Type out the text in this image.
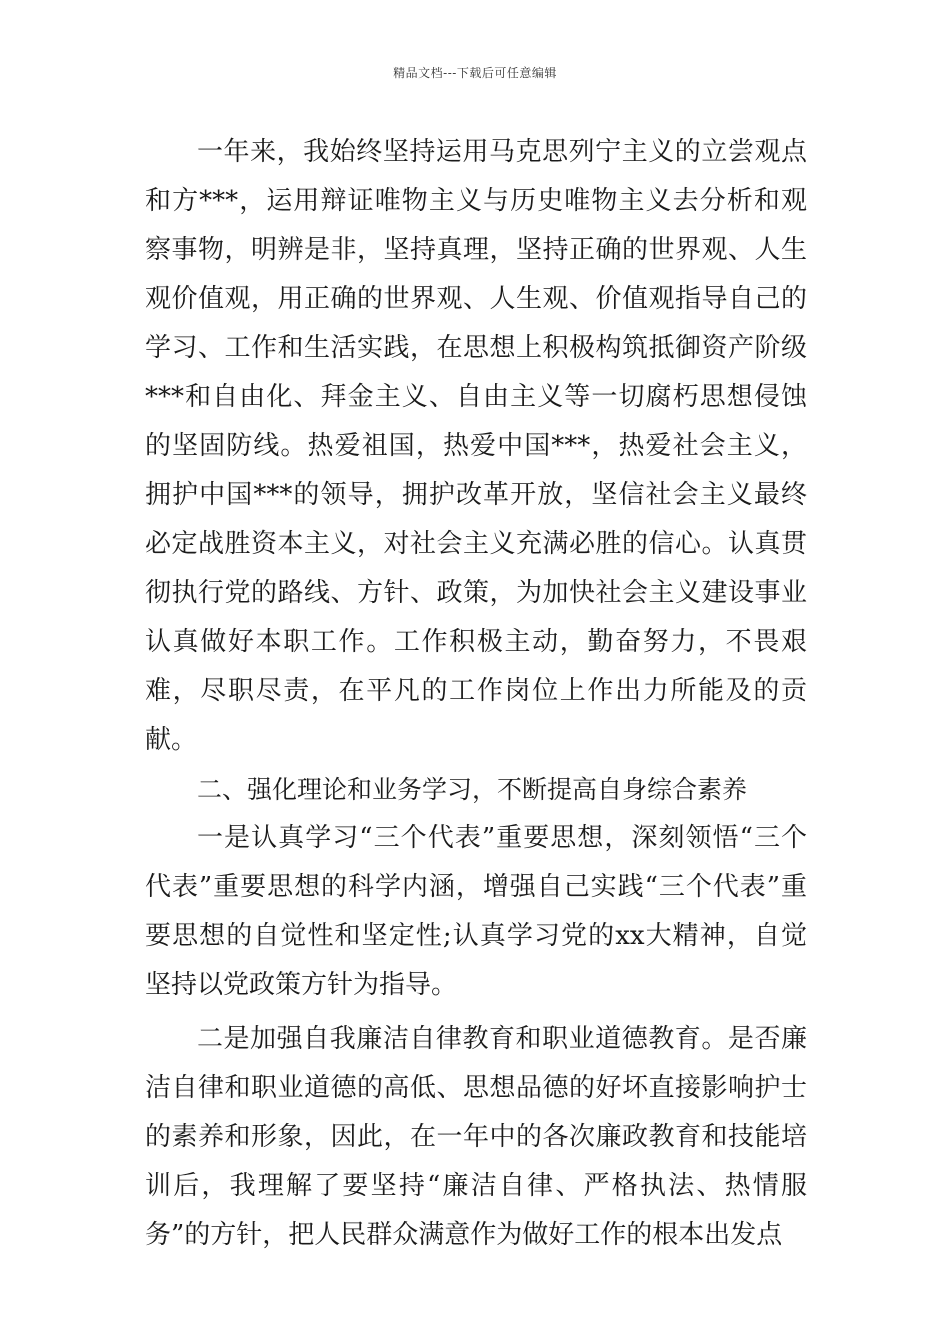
精品文档---下载后可任意编辑

一年来，我始终坚持运用马克思列宁主义的立尝观点和方***，运用辩证唯物主义与历史唯物主义去分析和观察事物，明辨是非，坚持真理，坚持正确的世界观、人生观价值观，用正确的世界观、人生观、价值观指导自己的学习、工作和生活实践，在思想上积极构筑抵御资产阶级***和自由化、拜金主义、自由主义等一切腐朽思想侵蚀的坚固防线。热爱祖国，热爱中国***，热爱社会主义，拥护中国***的领导，拥护改革开放，坚信社会主义最终必定战胜资本主义，对社会主义充满必胜的信心。认真贯彻执行党的路线、方针、政策，为加快社会主义建设事业认真做好本职工作。工作积极主动，勤奋努力，不畏艰难，尽职尽责，在平凡的工作岗位上作出力所能及的贡献。

二、强化理论和业务学习，不断提高自身综合素养

一是认真学习“三个代表”重要思想，深刻领悟“三个代表”重要思想的科学内涵，增强自己实践“三个代表”重要思想的自觉性和坚定性;认真学习党的xx大精神，自觉坚持以党政策方针为指导。

二是加强自我廉洁自律教育和职业道德教育。是否廉洁自律和职业道德的高低、思想品德的好坏直接影响护士的素养和形象，因此，在一年中的各次廉政教育和技能培训后，我理解了要坚持“廉洁自律、严格执法、热情服务”的方针，把人民群众满意作为做好工作的根本出发点
